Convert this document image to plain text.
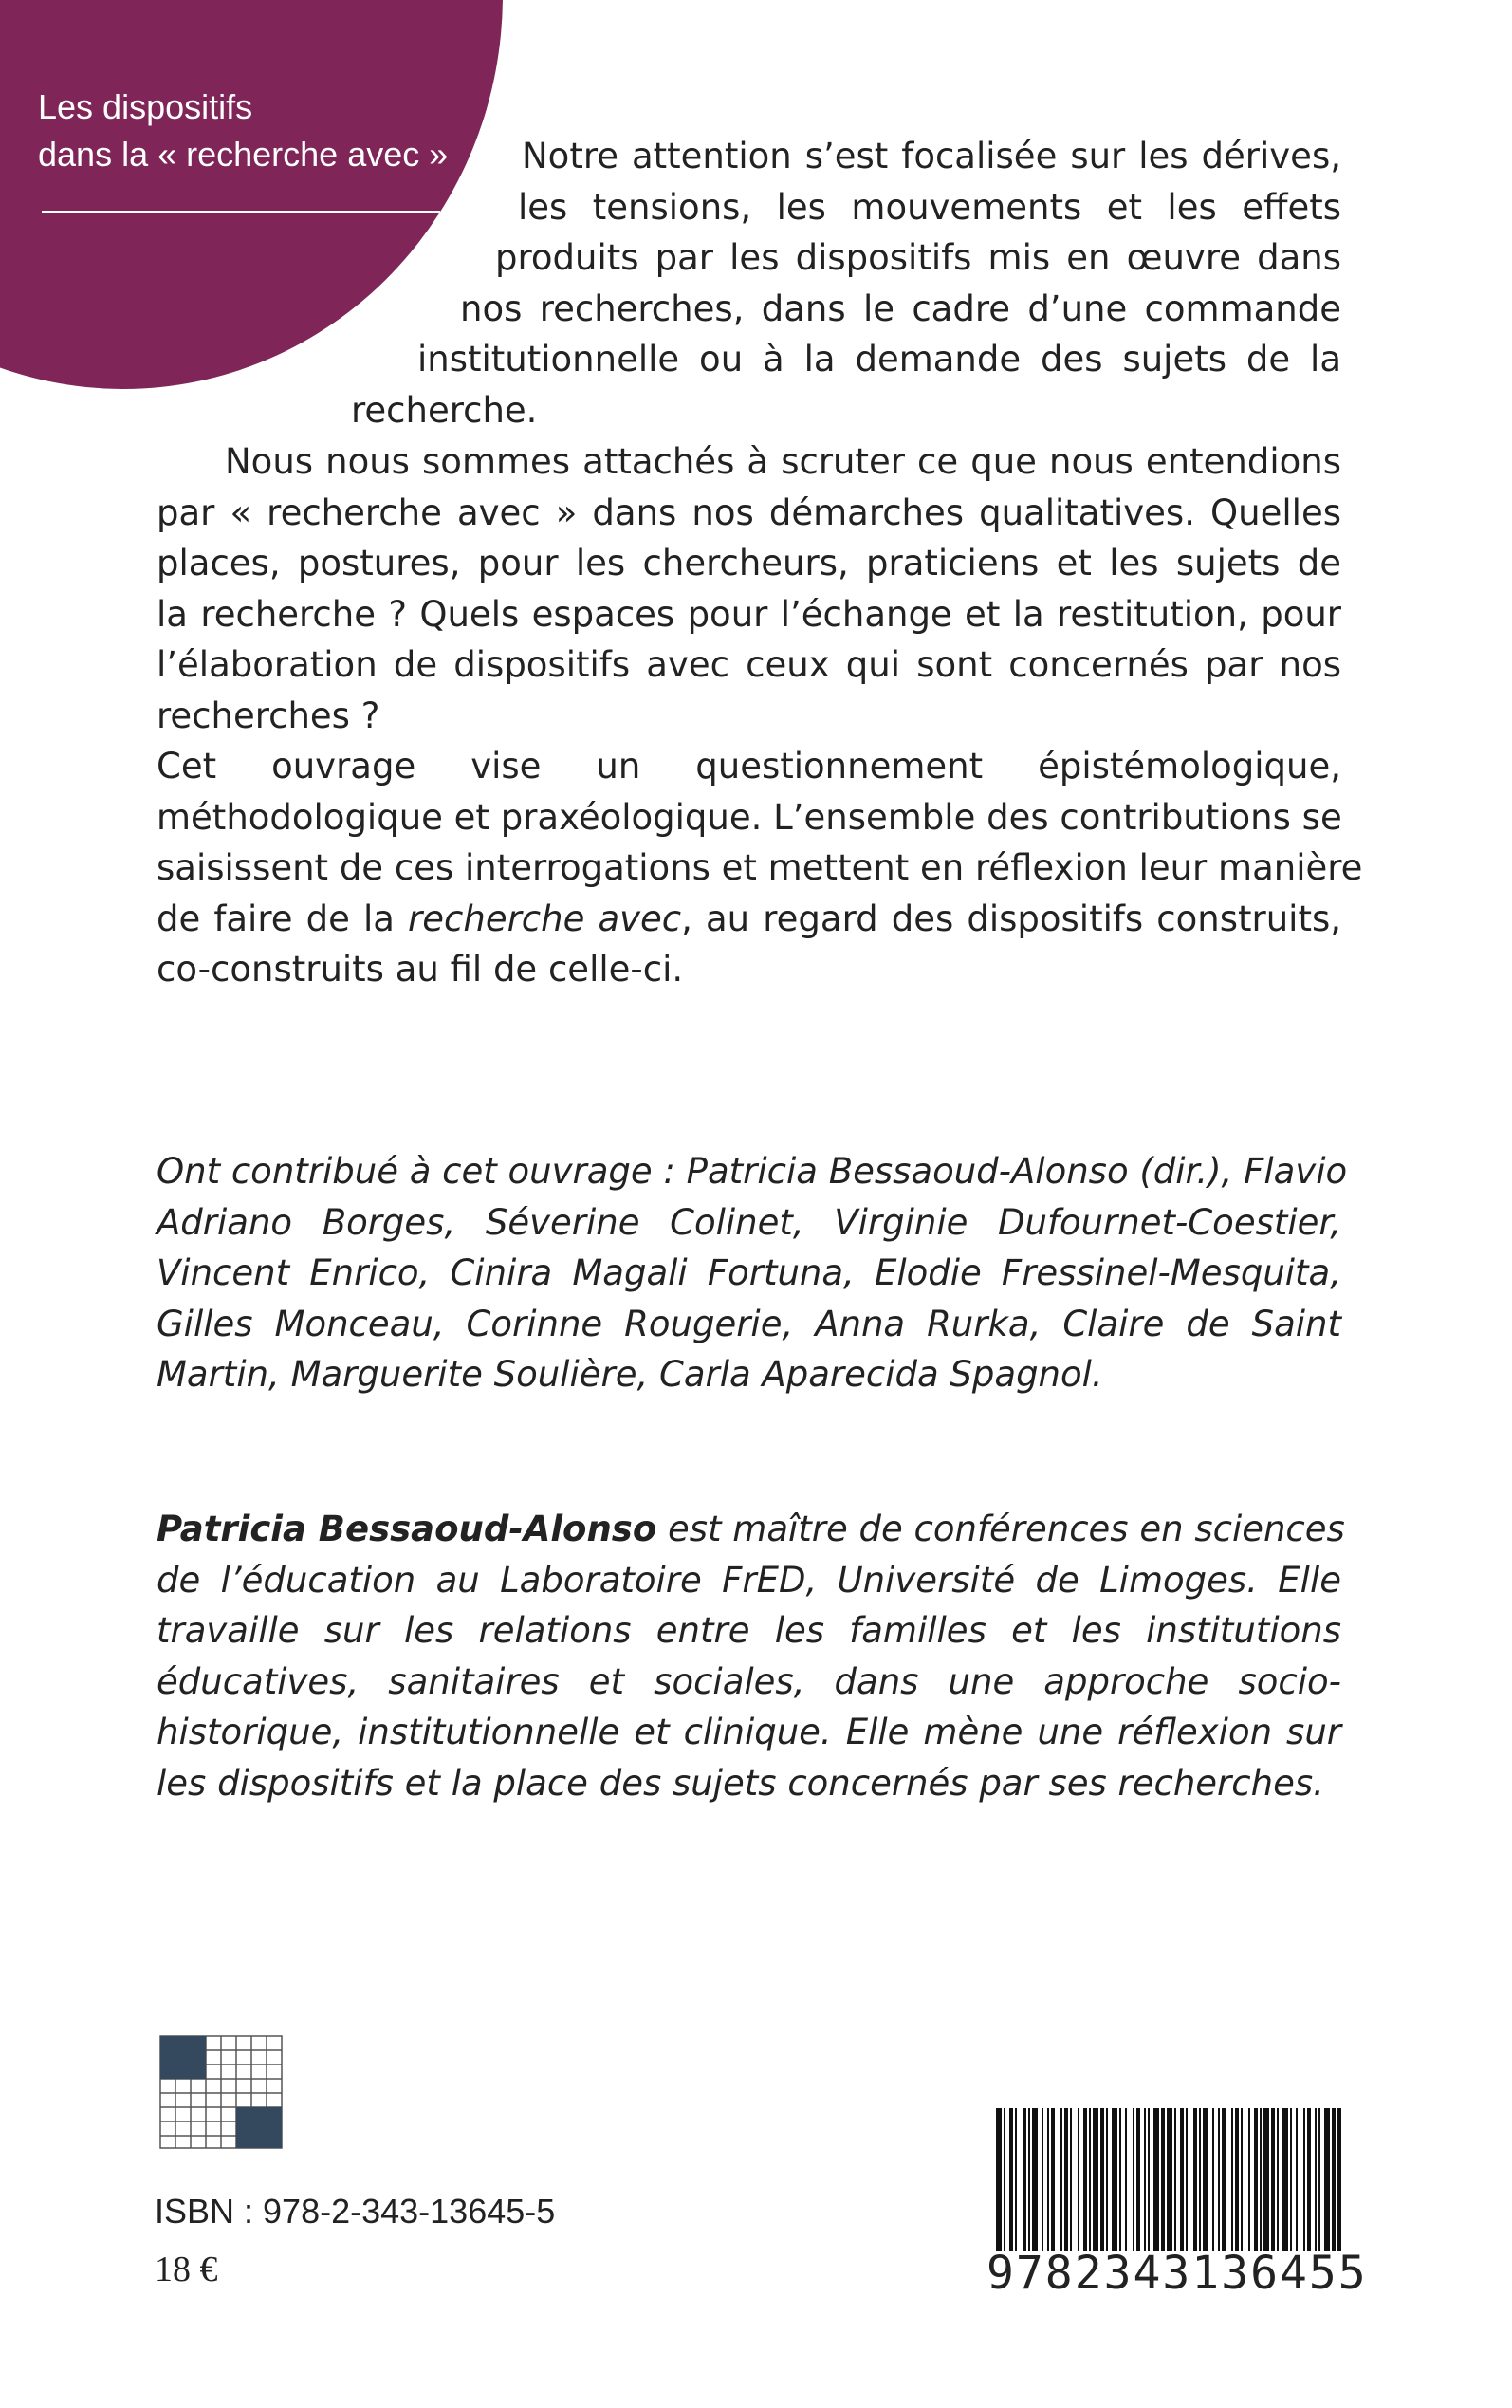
Les dispositifs
dans la « recherche avec » Notre attention s’est focalisée sur les dérives,
les tensions, les mouvements et les effets
produits par les dispositifs mis en œuvre dans
nos recherches, dans le cadre d’une commande
institutionnelle ou à la demande des sujets de la
recherche.
Nous nous sommes attachés à scruter ce que nous entendions
par « recherche avec » dans nos démarches qualitatives. Quelles
places, postures, pour les chercheurs, praticiens et les sujets de
la recherche ? Quels espaces pour l’échange et la restitution, pour
l’élaboration de dispositifs avec ceux qui sont concernés par nos
recherches ?
Cet ouvrage vise un questionnement épistémologique,
méthodologique et praxéologique. L’ensemble des contributions se
saisissent de ces interrogations et mettent en réflexion leur manière
de faire de la recherche avec, au regard des dispositifs construits,
co-construits au fil de celle-ci.
Ont contribué à cet ouvrage : Patricia Bessaoud-Alonso (dir.), Flavio
Adriano Borges, Séverine Colinet, Virginie Dufournet-Coestier,
Vincent Enrico, Cinira Magali Fortuna, Elodie Fressinel-Mesquita,
Gilles Monceau, Corinne Rougerie, Anna Rurka, Claire de Saint
Martin, Marguerite Soulière, Carla Aparecida Spagnol.
Patricia Bessaoud-Alonso est maître de conférences en sciences
de l’éducation au Laboratoire FrED, Université de Limoges. Elle
travaille sur les relations entre les familles et les institutions
éducatives, sanitaires et sociales, dans une approche socio-
historique, institutionnelle et clinique. Elle mène une réflexion sur
les dispositifs et la place des sujets concernés par ses recherches.
ISBN : 978-2-343-13645-5
18 €	9782343136455
